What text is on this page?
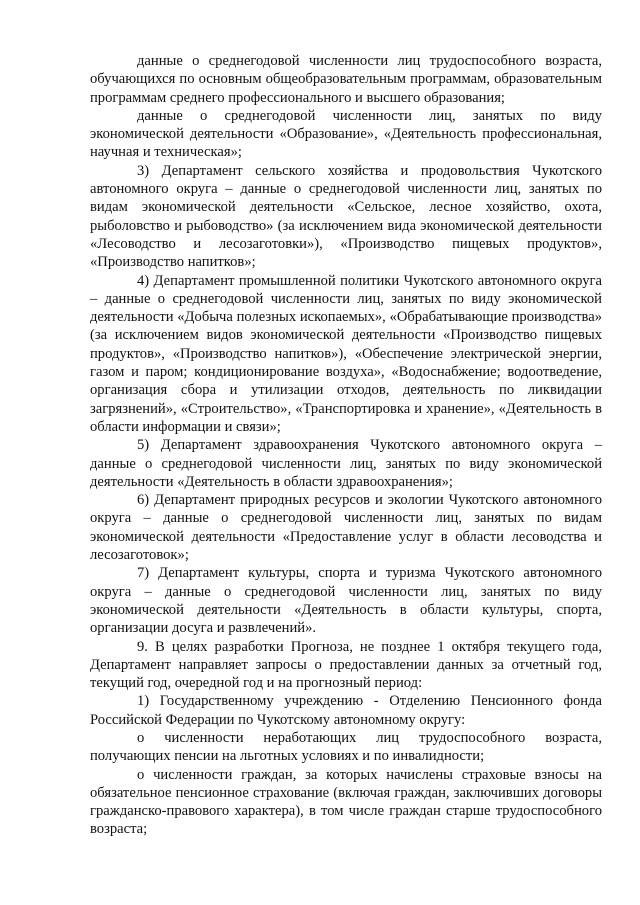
данные о среднегодовой численности лиц трудоспособного возраста, обучающихся по основным общеобразовательным программам, образовательным программам среднего профессионального и высшего образования;

данные о среднегодовой численности лиц, занятых по виду экономической деятельности «Образование», «Деятельность профессиональная, научная и техническая»;

3) Департамент сельского хозяйства и продовольствия Чукотского автономного округа – данные о среднегодовой численности лиц, занятых по видам экономической деятельности «Сельское, лесное хозяйство, охота, рыболовство и рыбоводство» (за исключением вида экономической деятельности «Лесоводство и лесозаготовки»), «Производство пищевых продуктов», «Производство напитков»;

4) Департамент промышленной политики Чукотского автономного округа – данные о среднегодовой численности лиц, занятых по виду экономической деятельности «Добыча полезных ископаемых», «Обрабатывающие производства» (за исключением видов экономической деятельности «Производство пищевых продуктов», «Производство напитков»), «Обеспечение электрической энергии, газом и паром; кондиционирование воздуха», «Водоснабжение; водоотведение, организация сбора и утилизации отходов, деятельность по ликвидации загрязнений», «Строительство», «Транспортировка и хранение», «Деятельность в области информации и связи»;

5) Департамент здравоохранения Чукотского автономного округа – данные о среднегодовой численности лиц, занятых по виду экономической деятельности «Деятельность в области здравоохранения»;

6) Департамент природных ресурсов и экологии Чукотского автономного округа – данные о среднегодовой численности лиц, занятых по видам экономической деятельности «Предоставление услуг в области лесоводства и лесозаготовок»;

7) Департамент культуры, спорта и туризма Чукотского автономного округа – данные о среднегодовой численности лиц, занятых по виду экономической деятельности «Деятельность в области культуры, спорта, организации досуга и развлечений».

9. В целях разработки Прогноза, не позднее 1 октября текущего года, Департамент направляет запросы о предоставлении данных за отчетный год, текущий год, очередной год и на прогнозный период:

1) Государственному учреждению - Отделению Пенсионного фонда Российской Федерации по Чукотскому автономному округу:

о численности неработающих лиц трудоспособного возраста, получающих пенсии на льготных условиях и по инвалидности;

о численности граждан, за которых начислены страховые взносы на обязательное пенсионное страхование (включая граждан, заключивших договоры гражданско-правового характера), в том числе граждан старше трудоспособного возраста;
